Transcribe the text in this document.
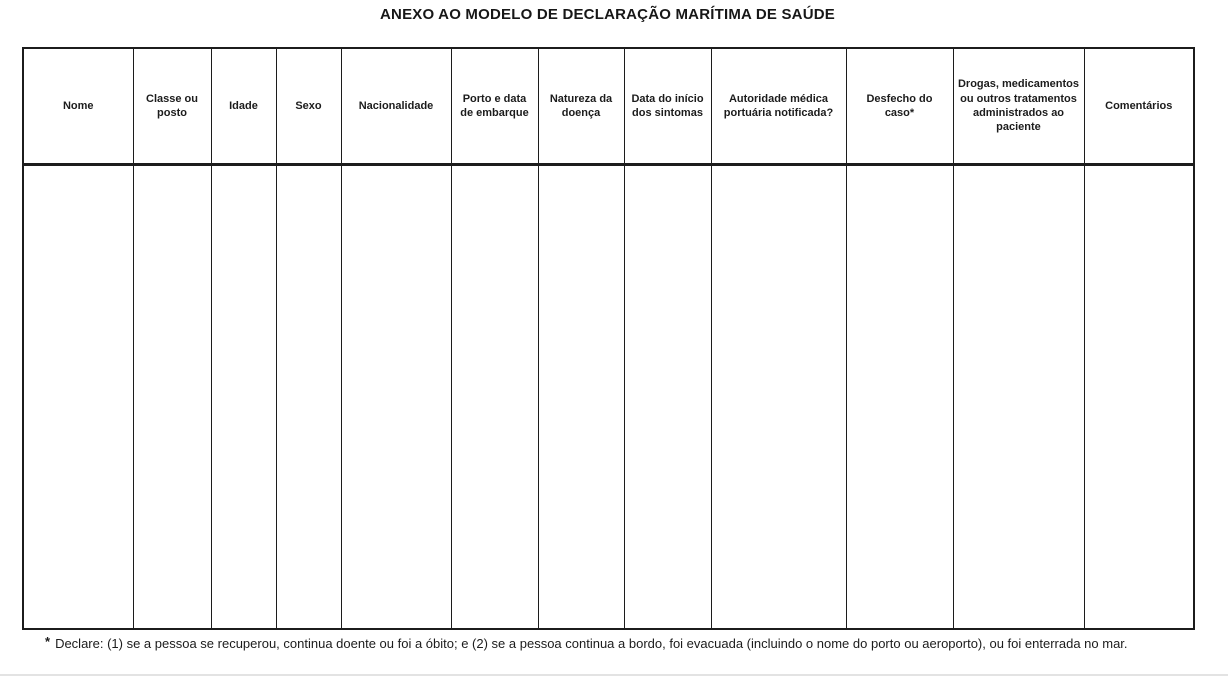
ANEXO AO MODELO DE DECLARAÇÃO MARÍTIMA DE SAÚDE
Nome	Classe ou posto	Idade	Sexo	Nacionalidade	Porto e data de embarque	Natureza da doença	Data do início dos sintomas	Autoridade médica portuária notificada?	Desfecho do caso*	Drogas, medicamentos ou outros tratamentos administrados ao paciente	Comentários

* Declare: (1) se a pessoa se recuperou, continua doente ou foi a óbito; e (2) se a pessoa continua a bordo, foi evacuada (incluindo o nome do porto ou aeroporto), ou foi enterrada no mar.
